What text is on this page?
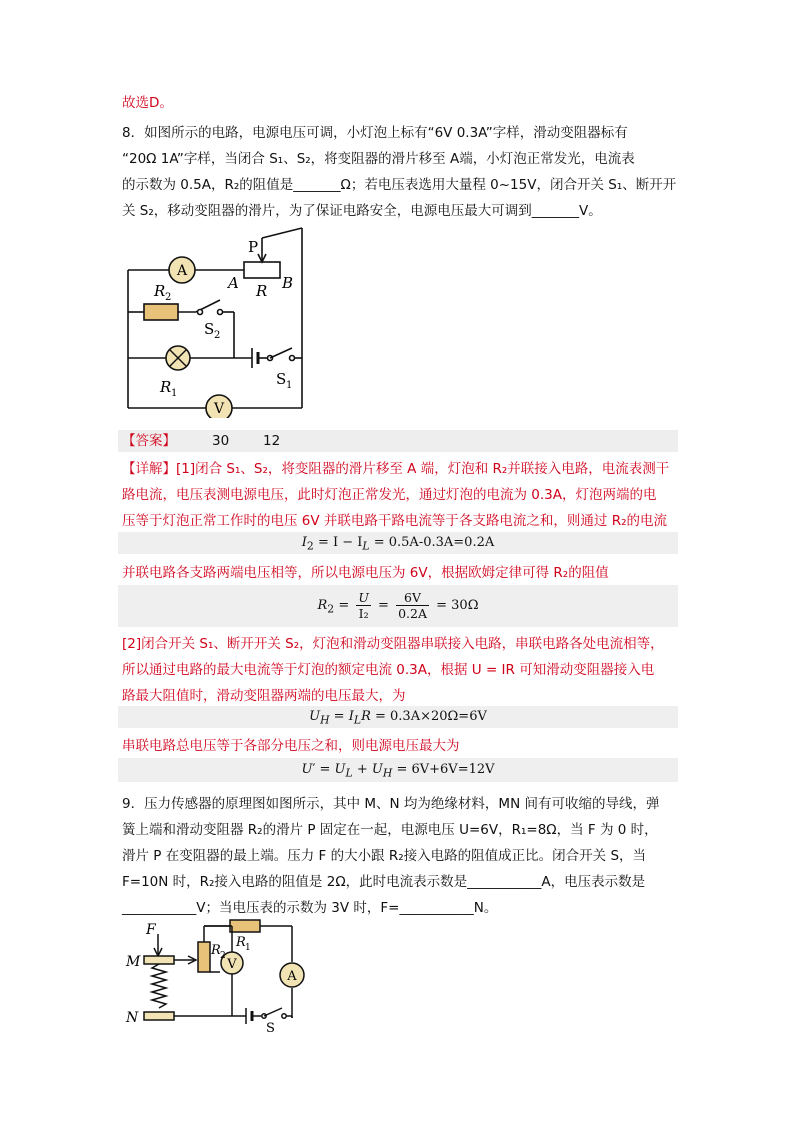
故选D。
8．如图所示的电路，电源电压可调，小灯泡上标有“6V 0.3A”字样，滑动变阻器标有
“20Ω 1A”字样，当闭合 S₁、S₂，将变阻器的滑片移至 A端，小灯泡正常发光，电流表
的示数为 0.5A，R₂的阻值是_______Ω；若电压表选用大量程 0~15V，闭合开关 S₁、断开开
关 S₂，移动变阻器的滑片，为了保证电路安全，电源电压最大可调到_______V。
A
V
P
A R B
R 2
S 2
R 1
S 1
【答案】	30	12
【详解】[1]闭合 S₁、S₂，将变阻器的滑片移至 A 端，灯泡和 R₂并联接入电路，电流表测干
路电流，电压表测电源电压，此时灯泡正常发光，通过灯泡的电流为 0.3A，灯泡两端的电
压等于灯泡正常工作时的电压 6V 并联电路干路电流等于各支路电流之和，则通过 R₂的电流
$I_2 = I - I_L = 0.5A-0.3A=0.2A$
并联电路各支路两端电压相等，所以电源电压为 6V，根据欧姆定律可得 R₂的阻值
$R_2 = \frac{U}{\text{I₂}} = \frac{6V}{0.2A} = 30\Omega$
[2]闭合开关 S₁、断开开关 S₂，灯泡和滑动变阻器串联接入电路，串联电路各处电流相等，
所以通过电路的最大电流等于灯泡的额定电流 0.3A，根据 U = IR 可知滑动变阻器接入电
路最大阻值时，滑动变阻器两端的电压最大，为
$U_H = I_LR = 0.3A\times 20\Omega=6V$
串联电路总电压等于各部分电压之和，则电源电压最大为
$U' = U_L + U_H = 6V+6V=12V$
9．压力传感器的原理图如图所示，其中 M、N 均为绝缘材料，MN 间有可收缩的导线，弹
簧上端和滑动变阻器 R₂的滑片 P 固定在一起，电源电压 U=6V，R₁=8Ω，当 F 为 0 时，
滑片 P 在变阻器的最上端。压力 F 的大小跟 R₂接入电路的阻值成正比。闭合开关 S，当
F=10N 时，R₂接入电路的阻值是 2Ω，此时电流表示数是___________A，电压表示数是
___________V；当电压表的示数为 3V 时，F=___________N。
V
A
F
M
N
R 2
R 1
S
